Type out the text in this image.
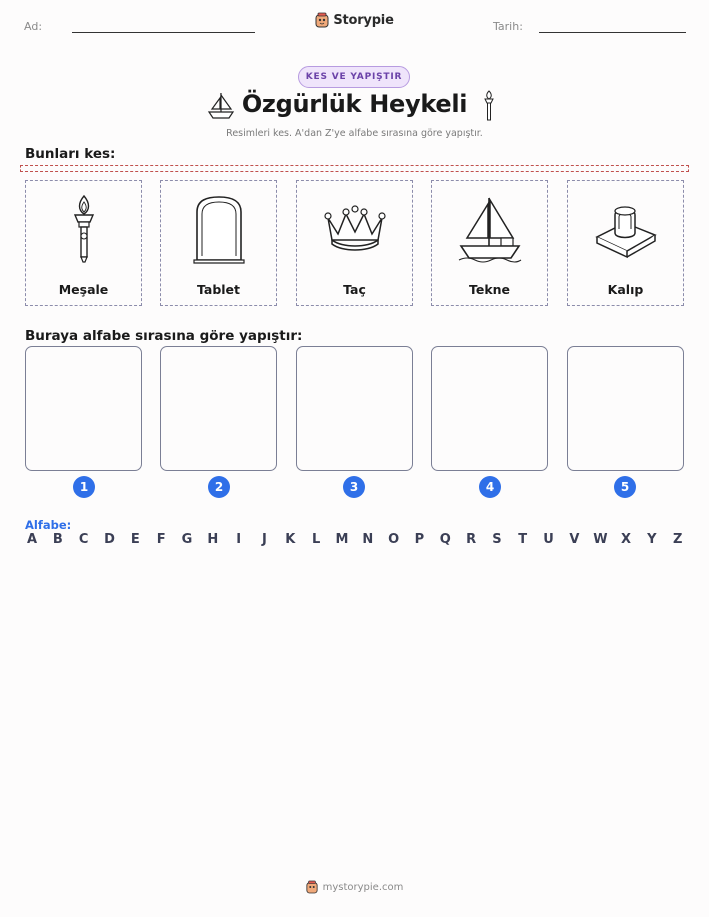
Ad:	Tarih:
Storypie
KES VE YAPIŞTIR
Özgürlük Heykeli
Resimleri kes. A'dan Z'ye alfabe sırasına göre yapıştır.
Bunları kes:
Meşale	Tablet	Taç	Tekne	Kalıp
Buraya alfabe sırasına göre yapıştır:
1	2	3	4	5
Alfabe:
A B C D E F G H	I	J	K L M N O P Q R S T U V W X Y Z
mystorypie.com
